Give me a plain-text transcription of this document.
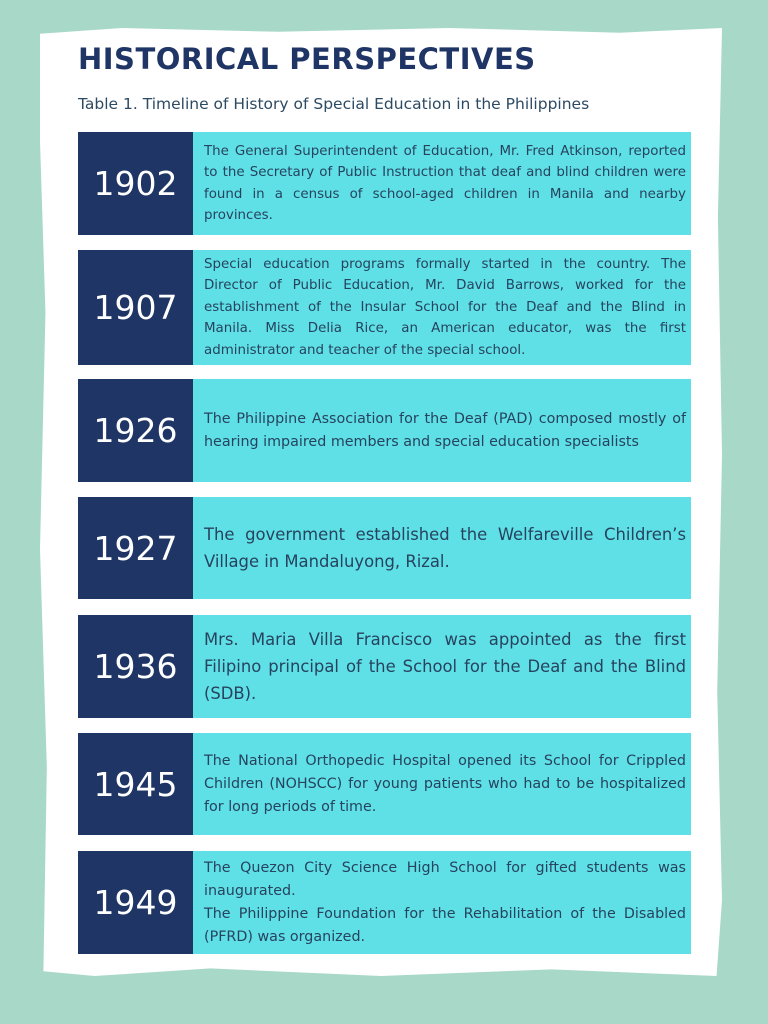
HISTORICAL PERSPECTIVES
Table 1. Timeline of History of Special Education in the Philippines
1902

The General Superintendent of Education, Mr. Fred Atkinson, reported to the Secretary of Public Instruction that deaf and blind children were found in a census of school-aged children in Manila and nearby provinces.

1907

Special education programs formally started in the country. The Director of Public Education, Mr. David Barrows, worked for the establishment of the Insular School for the Deaf and the Blind in Manila. Miss Delia Rice, an American educator, was the first administrator and teacher of the special school.

1926	The Philippine Association for the Deaf (PAD) composed mostly of hearing impaired members and special education specialists

1927	The government established the Welfareville Children’s Village in Mandaluyong, Rizal.

1936

Mrs. Maria Villa Francisco was appointed as the first Filipino principal of the School for the Deaf and the Blind (SDB).

1945

The National Orthopedic Hospital opened its School for Crippled Children (NOHSCC) for young patients who had to be hospitalized for long periods of time.

1949

The Quezon City Science High School for gifted students was inaugurated.
The Philippine Foundation for the Rehabilitation of the Disabled (PFRD) was organized.
